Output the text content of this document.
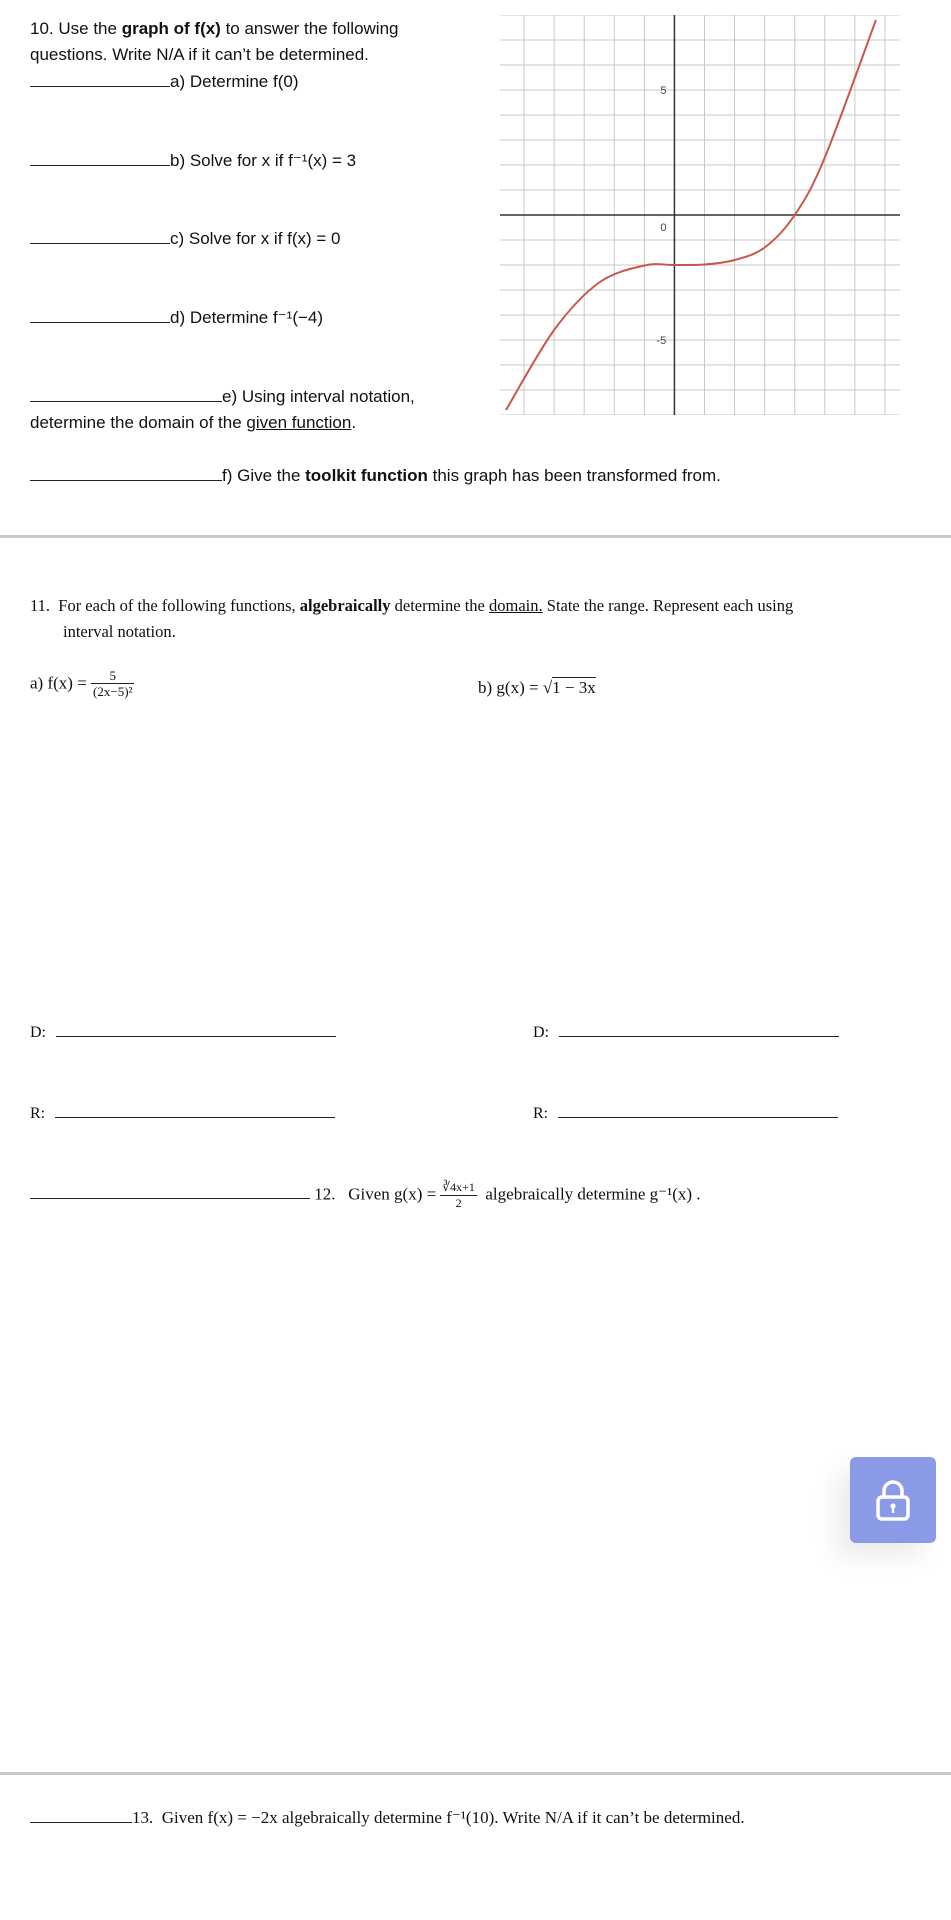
10. Use the graph of f(x) to answer the following
questions. Write N/A if it can’t be determined.
a) Determine f(0)
b) Solve for x if f⁻¹(x) = 3
c) Solve for x if f(x) = 0
d) Determine f⁻¹(−4)
e) Using interval notation,
determine the domain of the given function.
f) Give the toolkit function this graph has been transformed from.
5
0
-5
11. For each of the following functions, algebraically determine the domain. State the range. Represent each using
interval notation.
a) $f(x) = \frac{5}{\text{(2x−5)²}}$	b) g(x) = √1 − 3x
D:
R:
D:
R:
12. Given $g(x) = \frac{∛4x+1}{2}$ algebraically determine g⁻¹(x) .
13. Given f(x) = −2x algebraically determine f⁻¹(10). Write N/A if it can’t be determined.
